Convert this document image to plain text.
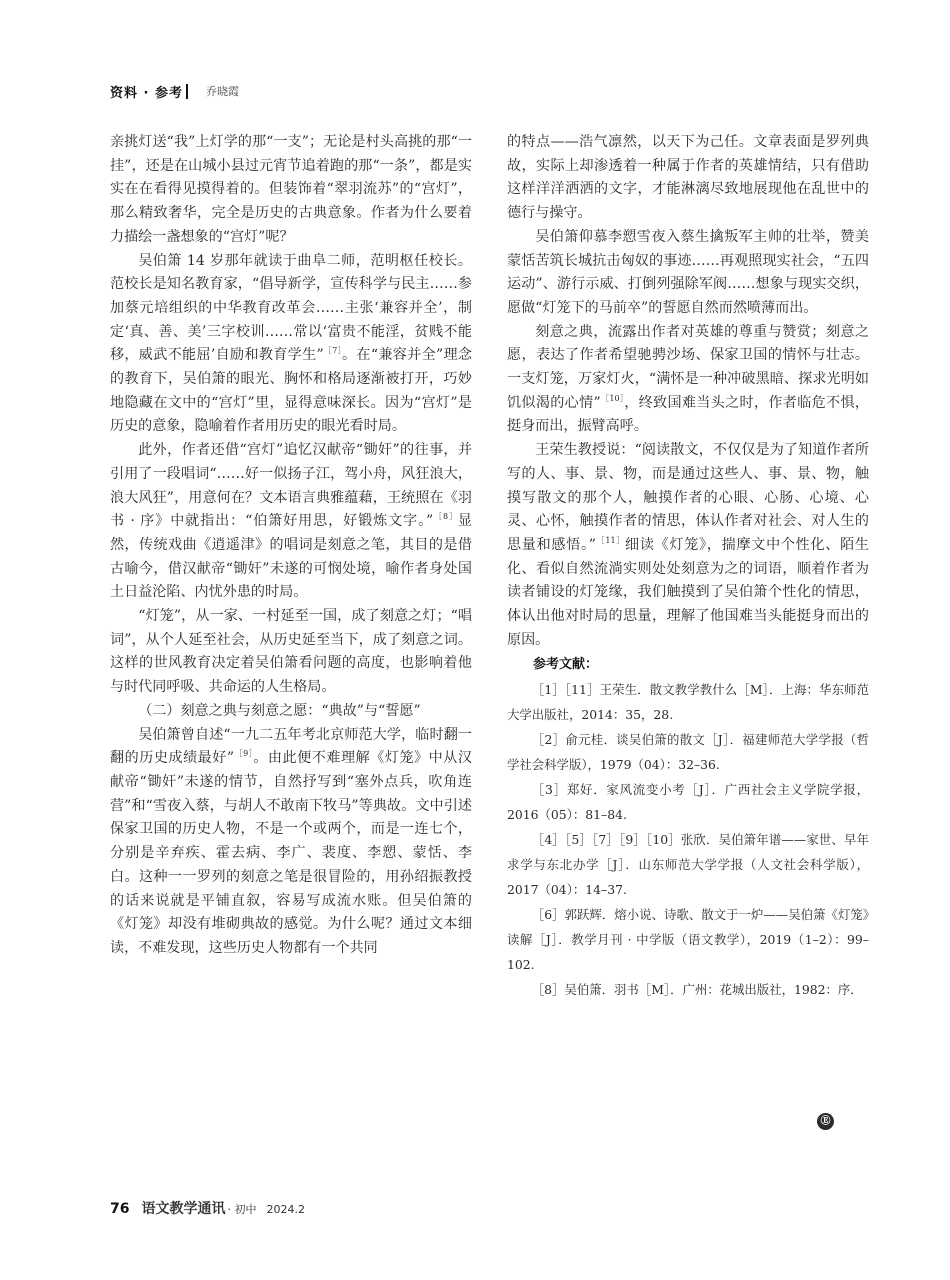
资料 · 参考 乔晓霞

亲挑灯送“我”上灯学的那“一支”；无论是村头高挑的那“一挂”，还是在山城小县过元宵节追着跑的那“一条”，都是实实在在看得见摸得着的。但装饰着“翠羽流苏”的“宫灯”，那么精致奢华，完全是历史的古典意象。作者为什么要着力描绘一盏想象的“宫灯”呢？

吴伯箫 14 岁那年就读于曲阜二师，范明枢任校长。范校长是知名教育家，“倡导新学，宣传科学与民主……参加蔡元培组织的中华教育改革会……主张‘兼容并全’，制定‘真、善、美’三字校训……常以‘富贵不能淫，贫贱不能移，威武不能屈’自励和教育学生”$^{[7]}$。在“兼容并全”理念的教育下，吴伯箫的眼光、胸怀和格局逐渐被打开，巧妙地隐藏在文中的“宫灯”里，显得意味深长。因为“宫灯”是历史的意象，隐喻着作者用历史的眼光看时局。

此外，作者还借“宫灯”追忆汉献帝“锄奸”的往事，并引用了一段唱词“……好一似扬子江，驾小舟，风狂浪大，浪大风狂”，用意何在？文本语言典雅蕴藉，王统照在《羽书 · 序》中就指出：“伯箫好用思，好锻炼文字。”$^{[8]}$显然，传统戏曲《逍遥津》的唱词是刻意之笔，其目的是借古喻今，借汉献帝“锄奸”未遂的可悯处境，喻作者身处国土日益沦陷、内忧外患的时局。

“灯笼”，从一家、一村延至一国，成了刻意之灯；“唱词”，从个人延至社会，从历史延至当下，成了刻意之词。这样的世风教育决定着吴伯箫看问题的高度，也影响着他与时代同呼吸、共命运的人生格局。

（二）刻意之典与刻意之愿：“典故”与“誓愿”

吴伯箫曾自述“一九二五年考北京师范大学，临时翻一翻的历史成绩最好”$^{[9]}$。由此便不难理解《灯笼》中从汉献帝“锄奸”未遂的情节，自然抒写到“塞外点兵，吹角连营”和“雪夜入蔡，与胡人不敢南下牧马”等典故。文中引述保家卫国的历史人物，不是一个或两个，而是一连七个，分别是辛弃疾、霍去病、李广、裴度、李愬、蒙恬、李白。这种一一罗列的刻意之笔是很冒险的，用孙绍振教授的话来说就是平铺直叙，容易写成流水账。但吴伯箫的《灯笼》却没有堆砌典故的感觉。为什么呢？通过文本细读，不难发现，这些历史人物都有一个共同

的特点——浩气凛然，以天下为己任。文章表面是罗列典故，实际上却渗透着一种属于作者的英雄情结，只有借助这样洋洋洒洒的文字，才能淋漓尽致地展现他在乱世中的德行与操守。

吴伯箫仰慕李愬雪夜入蔡生擒叛军主帅的壮举，赞美蒙恬苦筑长城抗击匈奴的事迹……再观照现实社会，“五四运动”、游行示威、打倒列强除军阀……想象与现实交织，愿做“灯笼下的马前卒”的誓愿自然而然喷薄而出。

刻意之典，流露出作者对英雄的尊重与赞赏；刻意之愿，表达了作者希望驰骋沙场、保家卫国的情怀与壮志。一支灯笼，万家灯火，“满怀是一种冲破黑暗、探求光明如饥似渴的心情”$^{[10]}$，终致国难当头之时，作者临危不惧，挺身而出，振臂高呼。

王荣生教授说：“阅读散文，不仅仅是为了知道作者所写的人、事、景、物，而是通过这些人、事、景、物，触摸写散文的那个人，触摸作者的心眼、心肠、心境、心灵、心怀，触摸作者的情思，体认作者对社会、对人生的思量和感悟。”$^{[11]}$细读《灯笼》，揣摩文中个性化、陌生化、看似自然流淌实则处处刻意为之的词语，顺着作者为读者铺设的灯笼缘，我们触摸到了吴伯箫个性化的情思，体认出他对时局的思量，理解了他国难当头能挺身而出的原因。

参考文献：

［1］［11］王荣生．散文教学教什么［M］．上海：华东师范大学出版社，2014：35，28.

［2］俞元桂．谈吴伯箫的散文［J］．福建师范大学学报（哲学社会科学版），1979（04）：32–36.

［3］郑好．家风流变小考［J］．广西社会主义学院学报，2016（05）：81–84.

［4］［5］［7］［9］［10］张欣．吴伯箫年谱——家世、早年求学与东北办学［J］．山东师范大学学报（人文社会科学版），2017（04）：14–37.

［6］郭跃辉．熔小说、诗歌、散文于一炉——吴伯箫《灯笼》读解［J］．教学月刊 · 中学版（语文教学），2019（1–2）：99–102.

［8］吴伯箫．羽书［M］．广州：花城出版社，1982：序．

Ⓔ
76 语文教学通讯 · 初中 2024.2
